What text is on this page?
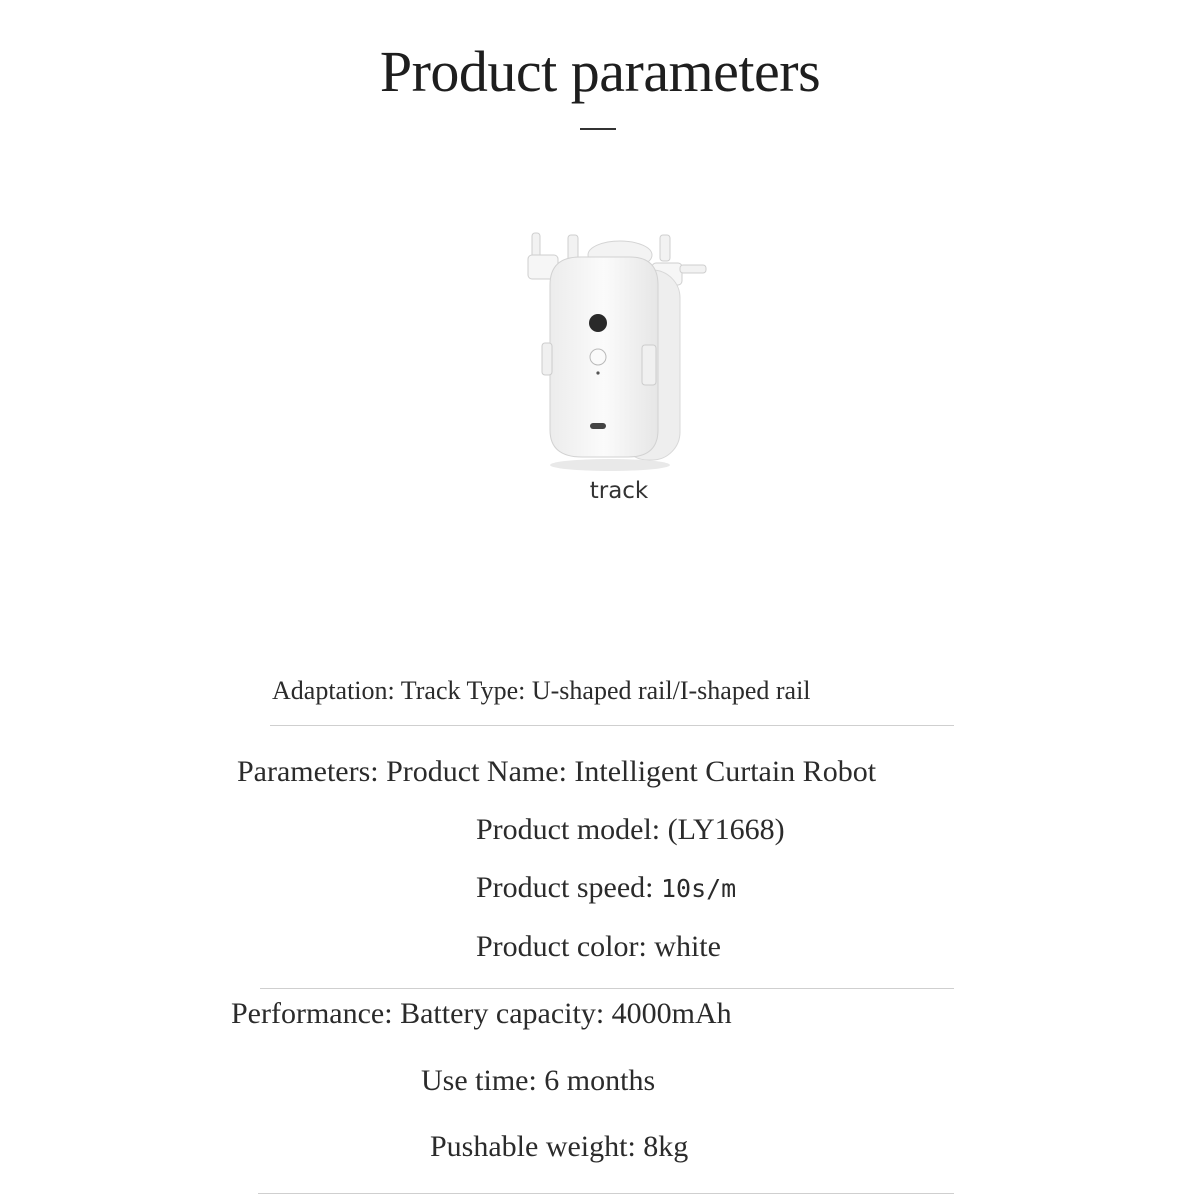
Product parameters
track
Adaptation: Track Type: U-shaped rail/I-shaped rail
Parameters: Product Name: Intelligent Curtain Robot
Product model: (LY1668)
Product speed: 10s/m
Product color: white
Performance: Battery capacity: 4000mAh
Use time: 6 months
Pushable weight: 8kg
